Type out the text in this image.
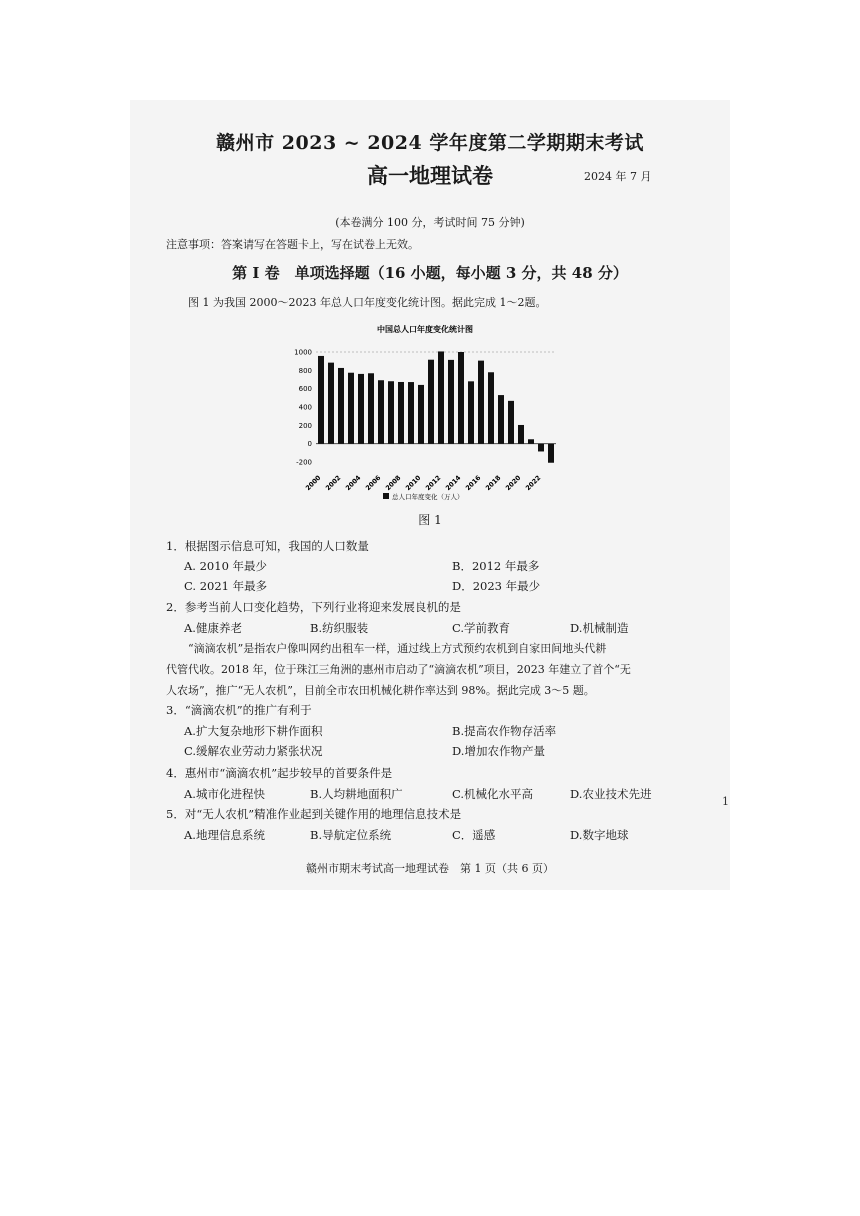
赣州市 2023 ~ 2024 学年度第二学期期末考试
高一地理试卷	2024 年 7 月
(本卷满分 100 分，考试时间 75 分钟)
注意事项：答案请写在答题卡上，写在试卷上无效。
第 I 卷　单项选择题（16 小题，每小题 3 分，共 48 分）
图 1 为我国 2000～2023 年总人口年度变化统计图。据此完成 1～2题。
中国总人口年度变化统计图
1000
800
600
400
200
0
-200
2000 2002 2004 2006 2008 2010 2012 2014 2016 2018 2020 2022
总人口年度变化（万人）
图 1
1．根据图示信息可知，我国的人口数量
A. 2010 年最少	B．2012 年最多
C. 2021 年最多	D．2023 年最少
2．参考当前人口变化趋势，下列行业将迎来发展良机的是
A.健康养老	B.纺织服装	C.学前教育	D.机械制造
“滴滴农机”是指农户像叫网约出租车一样，通过线上方式预约农机到自家田间地头代耕
代管代收。2018 年，位于珠江三角洲的惠州市启动了“滴滴农机”项目，2023 年建立了首个“无
人农场”，推广“无人农机”，目前全市农田机械化耕作率达到 98%。据此完成 3～5 题。
3．“滴滴农机”的推广有利于
A.扩大复杂地形下耕作面积	B.提高农作物存活率
C.缓解农业劳动力紧张状况	D.增加农作物产量
4．惠州市“滴滴农机”起步较早的首要条件是
A.城市化进程快	B.人均耕地面积广	C.机械化水平高	D.农业技术先进
5．对“无人农机”精准作业起到关键作用的地理信息技术是
A.地理信息系统	B.导航定位系统	C．遥感	D.数字地球
赣州市期末考试高一地理试卷　第 1 页（共 6 页）
1
